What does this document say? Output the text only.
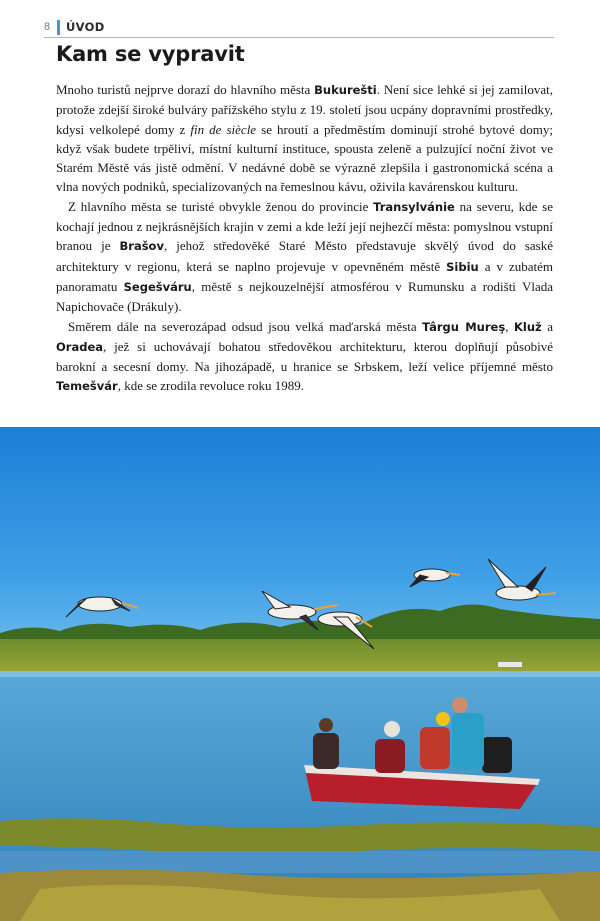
8	ÚVOD
Kam se vypravit

Mnoho turistů nejprve dorazí do hlavního města Bukurešti. Není sice lehké si jej zamilovat, protože zdejší široké bulváry pařížského stylu z 19. století jsou ucpány dopravními prostředky, kdysi velkolepé domy z fin de siècle se hroutí a předměstím dominují strohé bytové domy; když však budete trpěliví, místní kulturní instituce, spousta zeleně a pulzující noční život ve Starém Městě vás jistě odmění. V nedávné době se výrazně zlepšila i gastronomická scéna a vlna nových podniků, specializovaných na řemeslnou kávu, oživila kavárenskou kulturu.

Z hlavního města se turisté obvykle ženou do provincie Transylvánie na severu, kde se kochají jednou z nejkrásnějších krajin v zemi a kde leží její nejhezčí města: pomyslnou vstupní branou je Brašov, jehož středověké Staré Město představuje skvělý úvod do saské architektury v regionu, která se naplno projevuje v opevněném městě Sibiu a v zubatém panoramatu Segešváru, městě s nejkouzelnější atmosférou v Rumunsku a rodišti Vlada Napichovače (Drákuly).

Směrem dále na severozápad odsud jsou velká maďarská města Târgu Mureş, Kluž a Oradea, jež si uchovávají bohatou středověkou architekturu, kterou doplňují působivé barokní a secesní domy. Na jihozápadě, u hranice se Srbskem, leží velice příjemné město Temešvár, kde se zrodila revoluce roku 1989.
